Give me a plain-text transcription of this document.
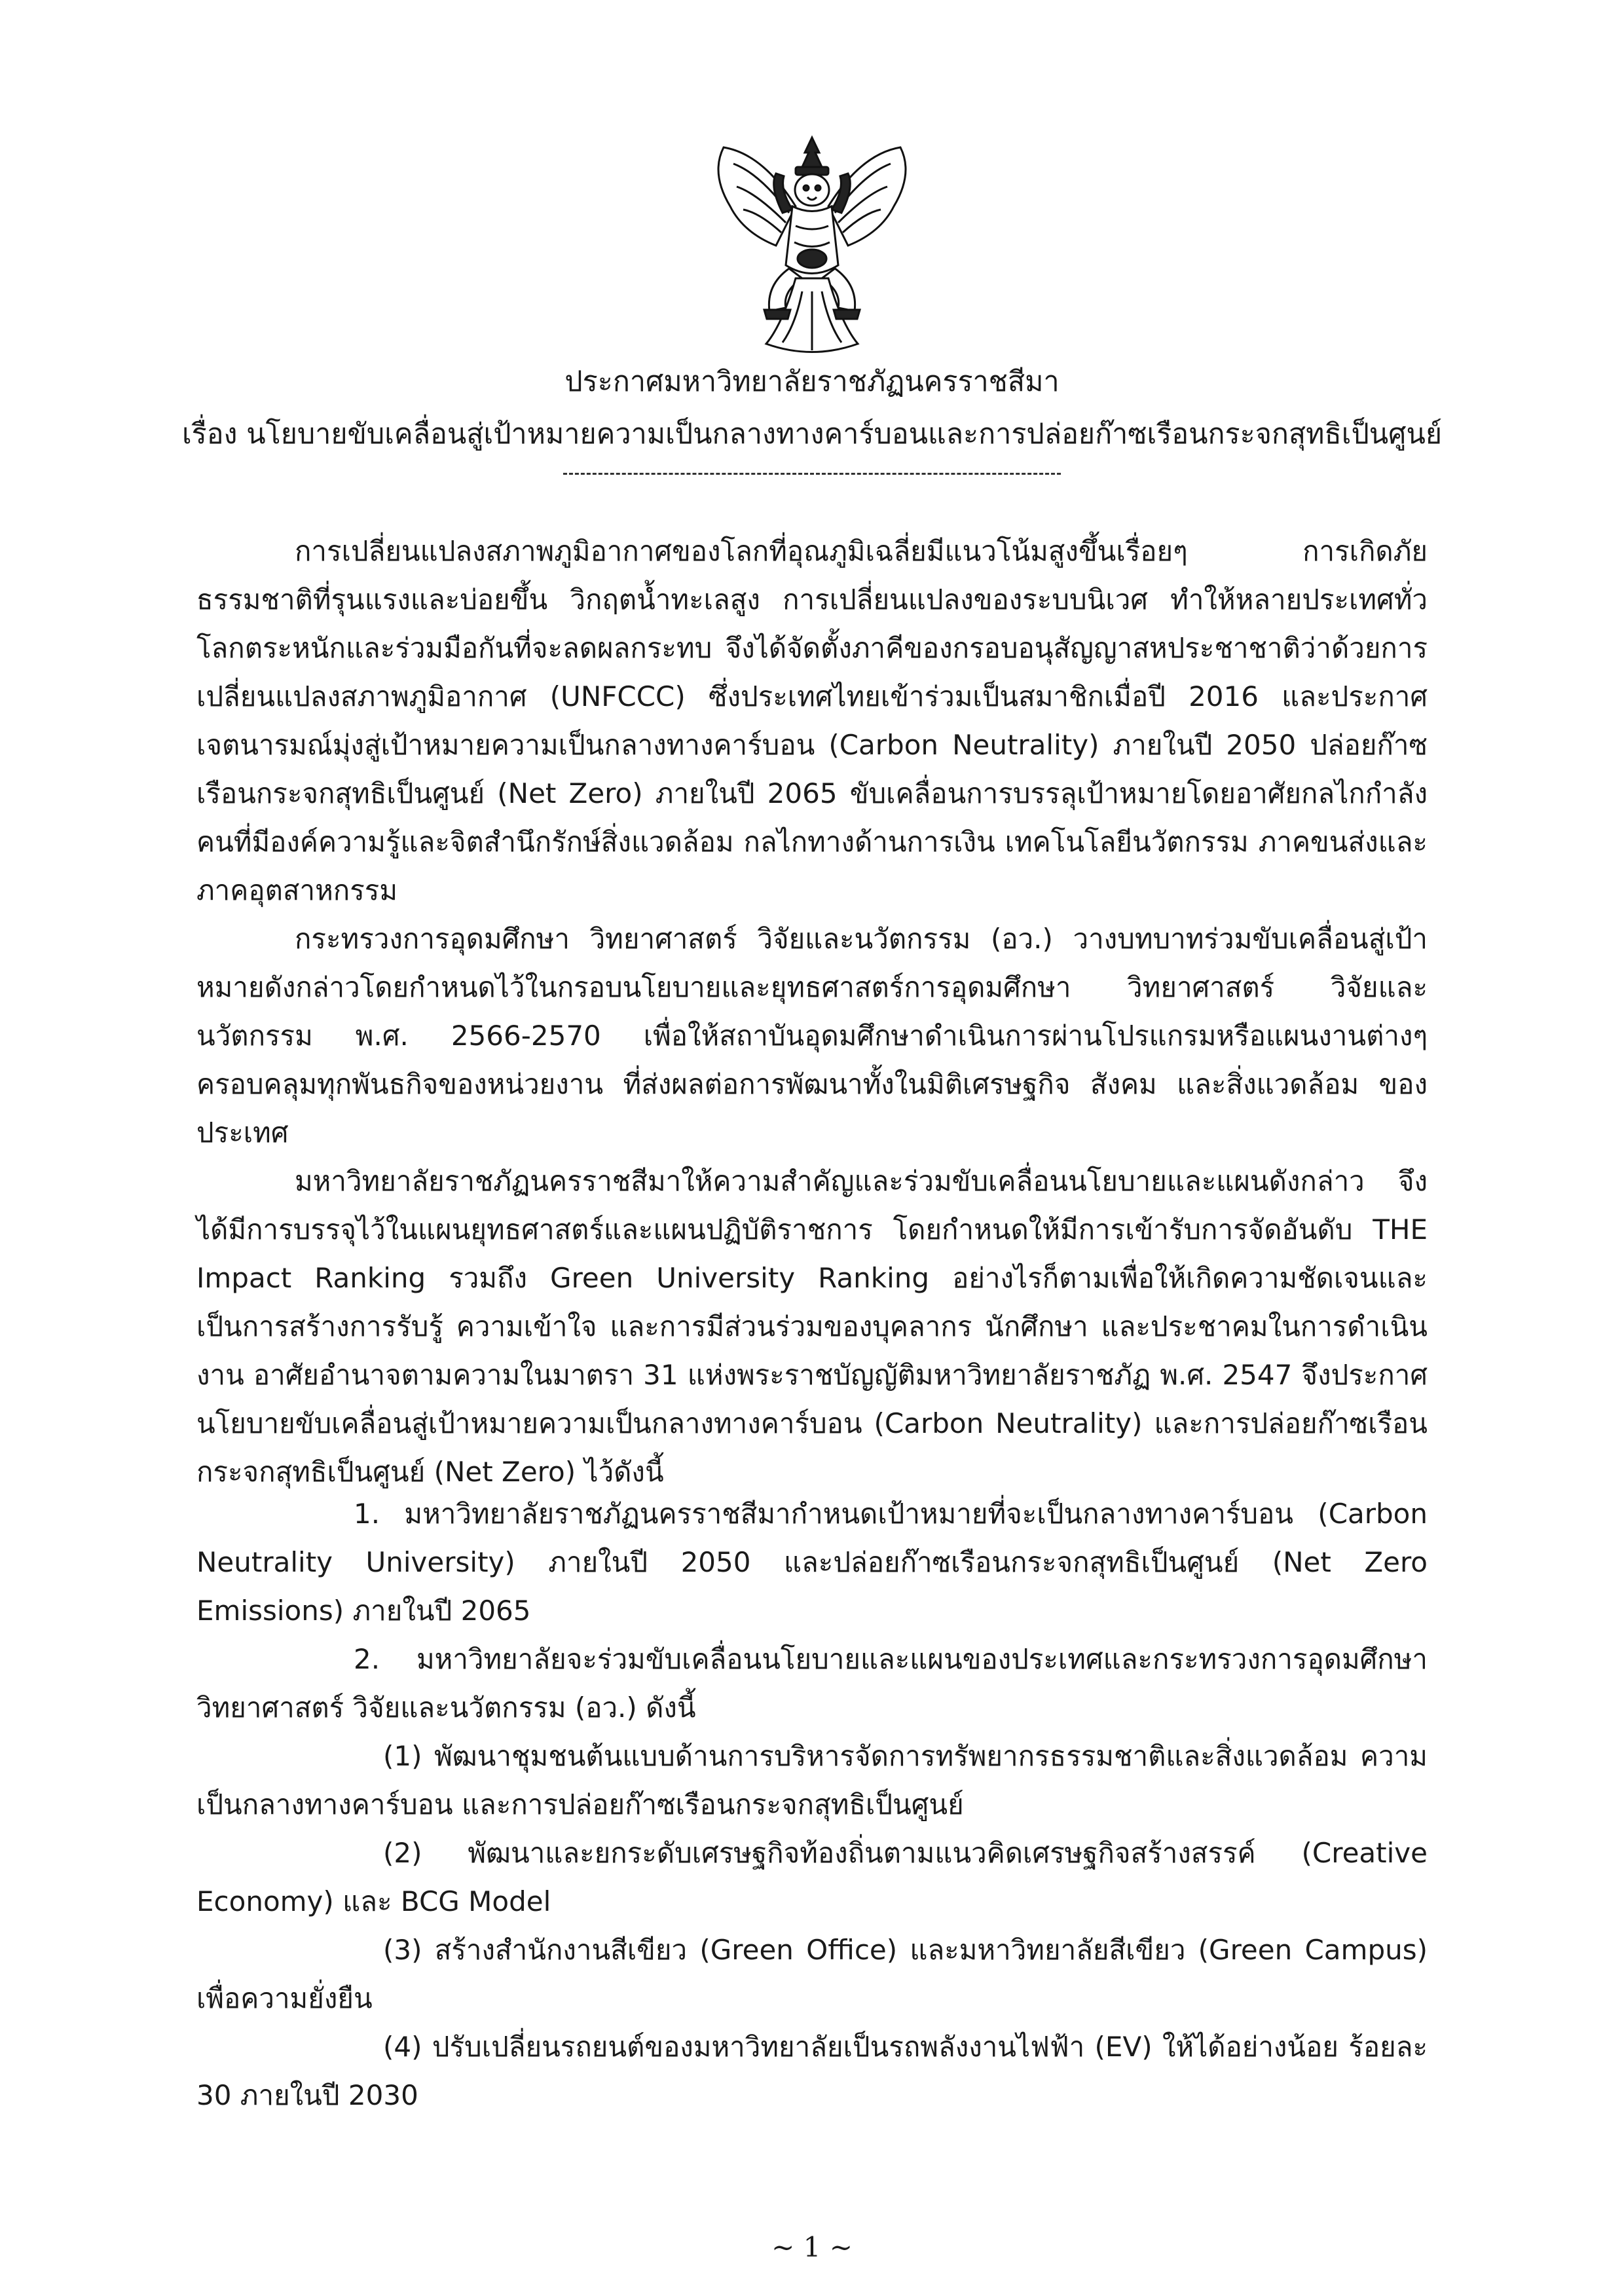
ประกาศมหาวิทยาลัยราชภัฏนครราชสีมา
เรื่อง นโยบายขับเคลื่อนสู่เป้าหมายความเป็นกลางทางคาร์บอนและการปล่อยก๊าซเรือนกระจกสุทธิเป็นศูนย์

การเปลี่ยนแปลงสภาพภูมิอากาศของโลกที่อุณภูมิเฉลี่ยมีแนวโน้มสูงขึ้นเรื่อยๆ การเกิดภัยธรรมชาติที่รุนแรงและบ่อยขึ้น วิกฤตน้ำทะเลสูง การเปลี่ยนแปลงของระบบนิเวศ ทำให้หลายประเทศทั่วโลกตระหนักและร่วมมือกันที่จะลดผลกระทบ จึงได้จัดตั้งภาคีของกรอบอนุสัญญาสหประชาชาติว่าด้วยการเปลี่ยนแปลงสภาพภูมิอากาศ (UNFCCC) ซึ่งประเทศไทยเข้าร่วมเป็นสมาชิกเมื่อปี 2016 และประกาศเจตนารมณ์มุ่งสู่เป้าหมายความเป็นกลางทางคาร์บอน (Carbon Neutrality) ภายในปี 2050 ปล่อยก๊าซเรือนกระจกสุทธิเป็นศูนย์ (Net Zero) ภายในปี 2065 ขับเคลื่อนการบรรลุเป้าหมายโดยอาศัยกลไกกำลังคนที่มีองค์ความรู้และจิตสำนึกรักษ์สิ่งแวดล้อม กลไกทางด้านการเงิน เทคโนโลยีนวัตกรรม ภาคขนส่งและภาคอุตสาหกรรม

กระทรวงการอุดมศึกษา วิทยาศาสตร์ วิจัยและนวัตกรรม (อว.) วางบทบาทร่วมขับเคลื่อนสู่เป้าหมายดังกล่าวโดยกำหนดไว้ในกรอบนโยบายและยุทธศาสตร์การอุดมศึกษา วิทยาศาสตร์ วิจัยและนวัตกรรม พ.ศ. 2566-2570 เพื่อให้สถาบันอุดมศึกษาดำเนินการผ่านโปรแกรมหรือแผนงานต่างๆ ครอบคลุมทุกพันธกิจของหน่วยงาน ที่ส่งผลต่อการพัฒนาทั้งในมิติเศรษฐกิจ สังคม และสิ่งแวดล้อม ของประเทศ

มหาวิทยาลัยราชภัฏนครราชสีมาให้ความสำคัญและร่วมขับเคลื่อนนโยบายและแผนดังกล่าว จึงได้มีการบรรจุไว้ในแผนยุทธศาสตร์และแผนปฏิบัติราชการ โดยกำหนดให้มีการเข้ารับการจัดอันดับ THE Impact Ranking รวมถึง Green University Ranking อย่างไรก็ตามเพื่อให้เกิดความชัดเจนและเป็นการสร้างการรับรู้ ความเข้าใจ และการมีส่วนร่วมของบุคลากร นักศึกษา และประชาคมในการดำเนินงาน อาศัยอำนาจตามความในมาตรา 31 แห่งพระราชบัญญัติมหาวิทยาลัยราชภัฏ พ.ศ. 2547 จึงประกาศนโยบายขับเคลื่อนสู่เป้าหมายความเป็นกลางทางคาร์บอน (Carbon Neutrality) และการปล่อยก๊าซเรือนกระจกสุทธิเป็นศูนย์ (Net Zero) ไว้ดังนี้

1. มหาวิทยาลัยราชภัฏนครราชสีมากำหนดเป้าหมายที่จะเป็นกลางทางคาร์บอน (Carbon Neutrality University) ภายในปี 2050 และปล่อยก๊าซเรือนกระจกสุทธิเป็นศูนย์ (Net Zero Emissions) ภายในปี 2065

2. มหาวิทยาลัยจะร่วมขับเคลื่อนนโยบายและแผนของประเทศและกระทรวงการอุดมศึกษา วิทยาศาสตร์ วิจัยและนวัตกรรม (อว.) ดังนี้

(1) พัฒนาชุมชนต้นแบบด้านการบริหารจัดการทรัพยากรธรรมชาติและสิ่งแวดล้อม ความเป็นกลางทางคาร์บอน และการปล่อยก๊าซเรือนกระจกสุทธิเป็นศูนย์

(2) พัฒนาและยกระดับเศรษฐกิจท้องถิ่นตามแนวคิดเศรษฐกิจสร้างสรรค์ (Creative Economy) และ BCG Model

(3) สร้างสำนักงานสีเขียว (Green Office) และมหาวิทยาลัยสีเขียว (Green Campus) เพื่อความยั่งยืน

(4) ปรับเปลี่ยนรถยนต์ของมหาวิทยาลัยเป็นรถพลังงานไฟฟ้า (EV) ให้ได้อย่างน้อย ร้อยละ 30 ภายในปี 2030

~ 1 ~
